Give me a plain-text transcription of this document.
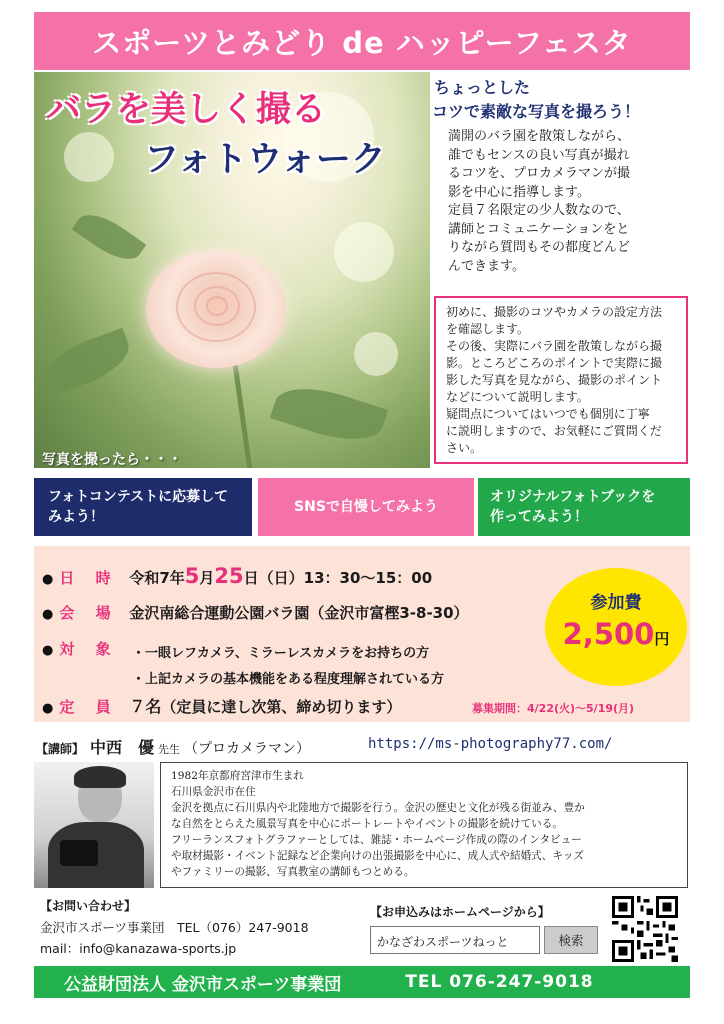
スポーツとみどり de ハッピーフェスタ
バラを美しく撮る
フォトウォーク
写真を撮ったら・・・
ちょっとした
コツで素敵な写真を撮ろう！
満開のバラ園を散策しながら、
誰でもセンスの良い写真が撮れ
るコツを、プロカメラマンが撮
影を中心に指導します。
定員７名限定の少人数なので、
講師とコミュニケーションをと
りながら質問もその都度どんど
んできます。
初めに、撮影のコツやカメラの設定方法
を確認します。
その後、実際にバラ園を散策しながら撮
影。ところどころのポイントで実際に撮
影した写真を見ながら、撮影のポイント
などについて説明します。
疑問点についてはいつでも個別に丁寧
に説明しますので、お気軽にご質問くだ
さい。
フォトコンテストに応募して
みよう！
SNSで自慢してみよう
オリジナルフォトブックを
作ってみよう！
● 日 時 令和7年5月25日（日）13：30～15：00
● 会 場 金沢南総合運動公園バラ園 （金沢市富樫3-8-30）
● 対 象	・一眼レフカメラ、ミラーレスカメラをお持ちの方
・上記カメラの基本機能をある程度理解されている方
● 定 員 ７名 （定員に達し次第、締め切ります）
参加費
2,500円
募集期間：4/22(火)～5/19(月)
【講師】 中西　優 先生 （プロカメラマン）	https://ms-photography77.com/
1982年京都府宮津市生まれ
石川県金沢市在住
金沢を拠点に石川県内や北陸地方で撮影を行う。金沢の歴史と文化が残る街並み、豊か
な自然をとらえた風景写真を中心にポートレートやイベントの撮影を続けている。
フリーランスフォトグラファーとしては、雑誌・ホームページ作成の際のインタビュー
や取材撮影・イベント記録など企業向けの出張撮影を中心に、成人式や結婚式、キッズ
やファミリーの撮影、写真教室の講師もつとめる。
【お問い合わせ】
金沢市スポーツ事業団　TEL（076）247-9018
mail：info@kanazawa-sports.jp
【お申込みはホームページから】
かなざわスポーツねっと	検索
公益財団法人 金沢市スポーツ事業団	TEL 076-247-9018
